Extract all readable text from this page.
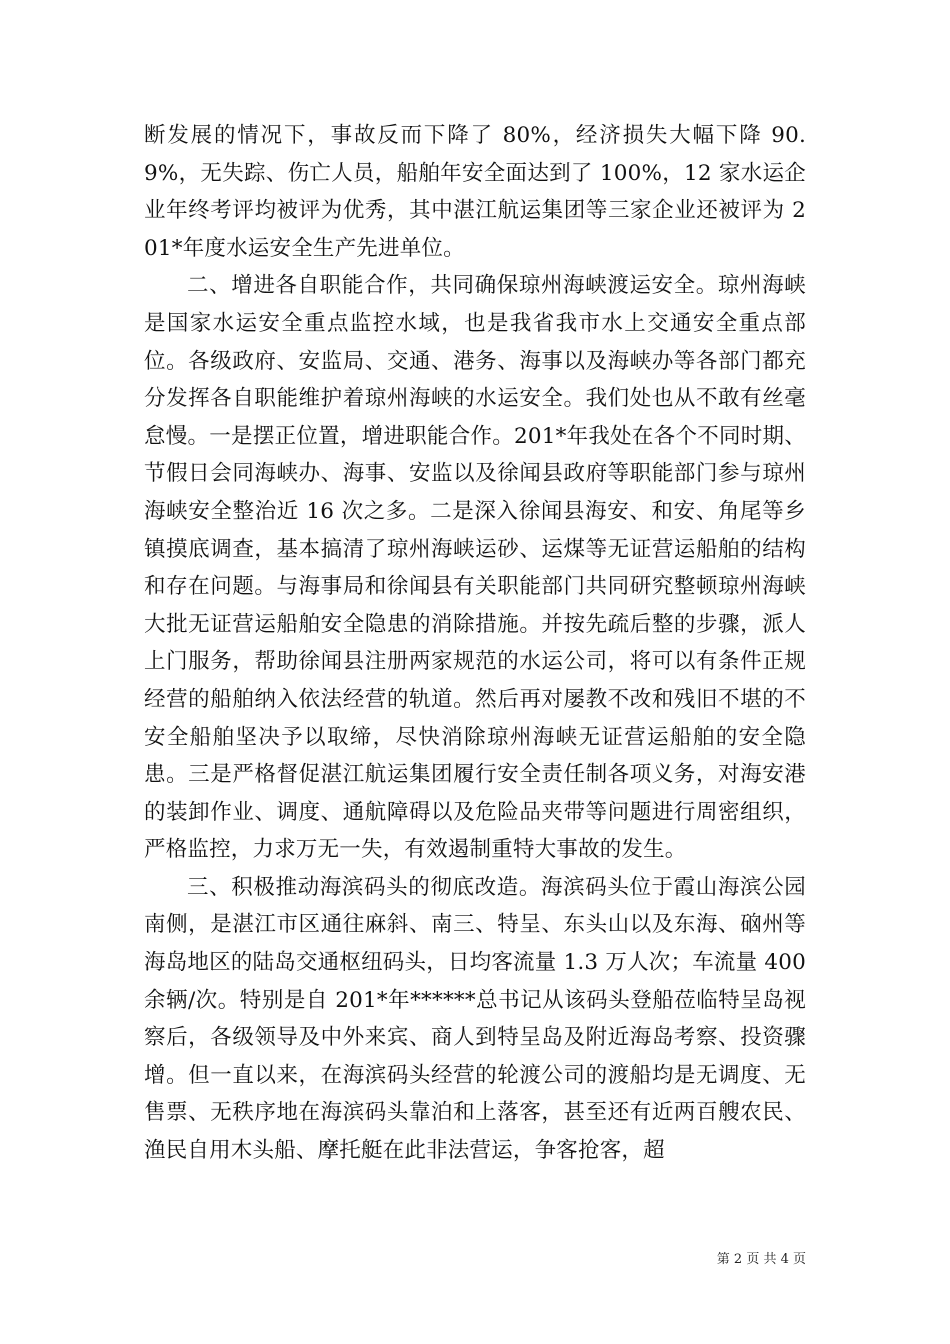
断发展的情况下，事故反而下降了 80%，经济损失大幅下降 90.9%，无失踪、伤亡人员，船舶年安全面达到了 100%，12 家水运企业年终考评均被评为优秀，其中湛江航运集团等三家企业还被评为 201*年度水运安全生产先进单位。

二、增进各自职能合作，共同确保琼州海峡渡运安全。琼州海峡是国家水运安全重点监控水域，也是我省我市水上交通安全重点部位。各级政府、安监局、交通、港务、海事以及海峡办等各部门都充分发挥各自职能维护着琼州海峡的水运安全。我们处也从不敢有丝毫怠慢。一是摆正位置，增进职能合作。201*年我处在各个不同时期、节假日会同海峡办、海事、安监以及徐闻县政府等职能部门参与琼州海峡安全整治近 16 次之多。二是深入徐闻县海安、和安、角尾等乡镇摸底调查，基本搞清了琼州海峡运砂、运煤等无证营运船舶的结构和存在问题。与海事局和徐闻县有关职能部门共同研究整顿琼州海峡大批无证营运船舶安全隐患的消除措施。并按先疏后整的步骤，派人上门服务，帮助徐闻县注册两家规范的水运公司，将可以有条件正规经营的船舶纳入依法经营的轨道。然后再对屡教不改和残旧不堪的不安全船舶坚决予以取缔，尽快消除琼州海峡无证营运船舶的安全隐患。三是严格督促湛江航运集团履行安全责任制各项义务，对海安港的装卸作业、调度、通航障碍以及危险品夹带等问题进行周密组织，严格监控，力求万无一失，有效遏制重特大事故的发生。

三、积极推动海滨码头的彻底改造。海滨码头位于霞山海滨公园南侧，是湛江市区通往麻斜、南三、特呈、东头山以及东海、硇州等海岛地区的陆岛交通枢纽码头，日均客流量 1.3 万人次；车流量 400 余辆/次。特别是自 201*年******总书记从该码头登船莅临特呈岛视察后，各级领导及中外来宾、商人到特呈岛及附近海岛考察、投资骤增。但一直以来，在海滨码头经营的轮渡公司的渡船均是无调度、无售票、无秩序地在海滨码头靠泊和上落客，甚至还有近两百艘农民、渔民自用木头船、摩托艇在此非法营运，争客抢客，超

第 2 页 共 4 页
